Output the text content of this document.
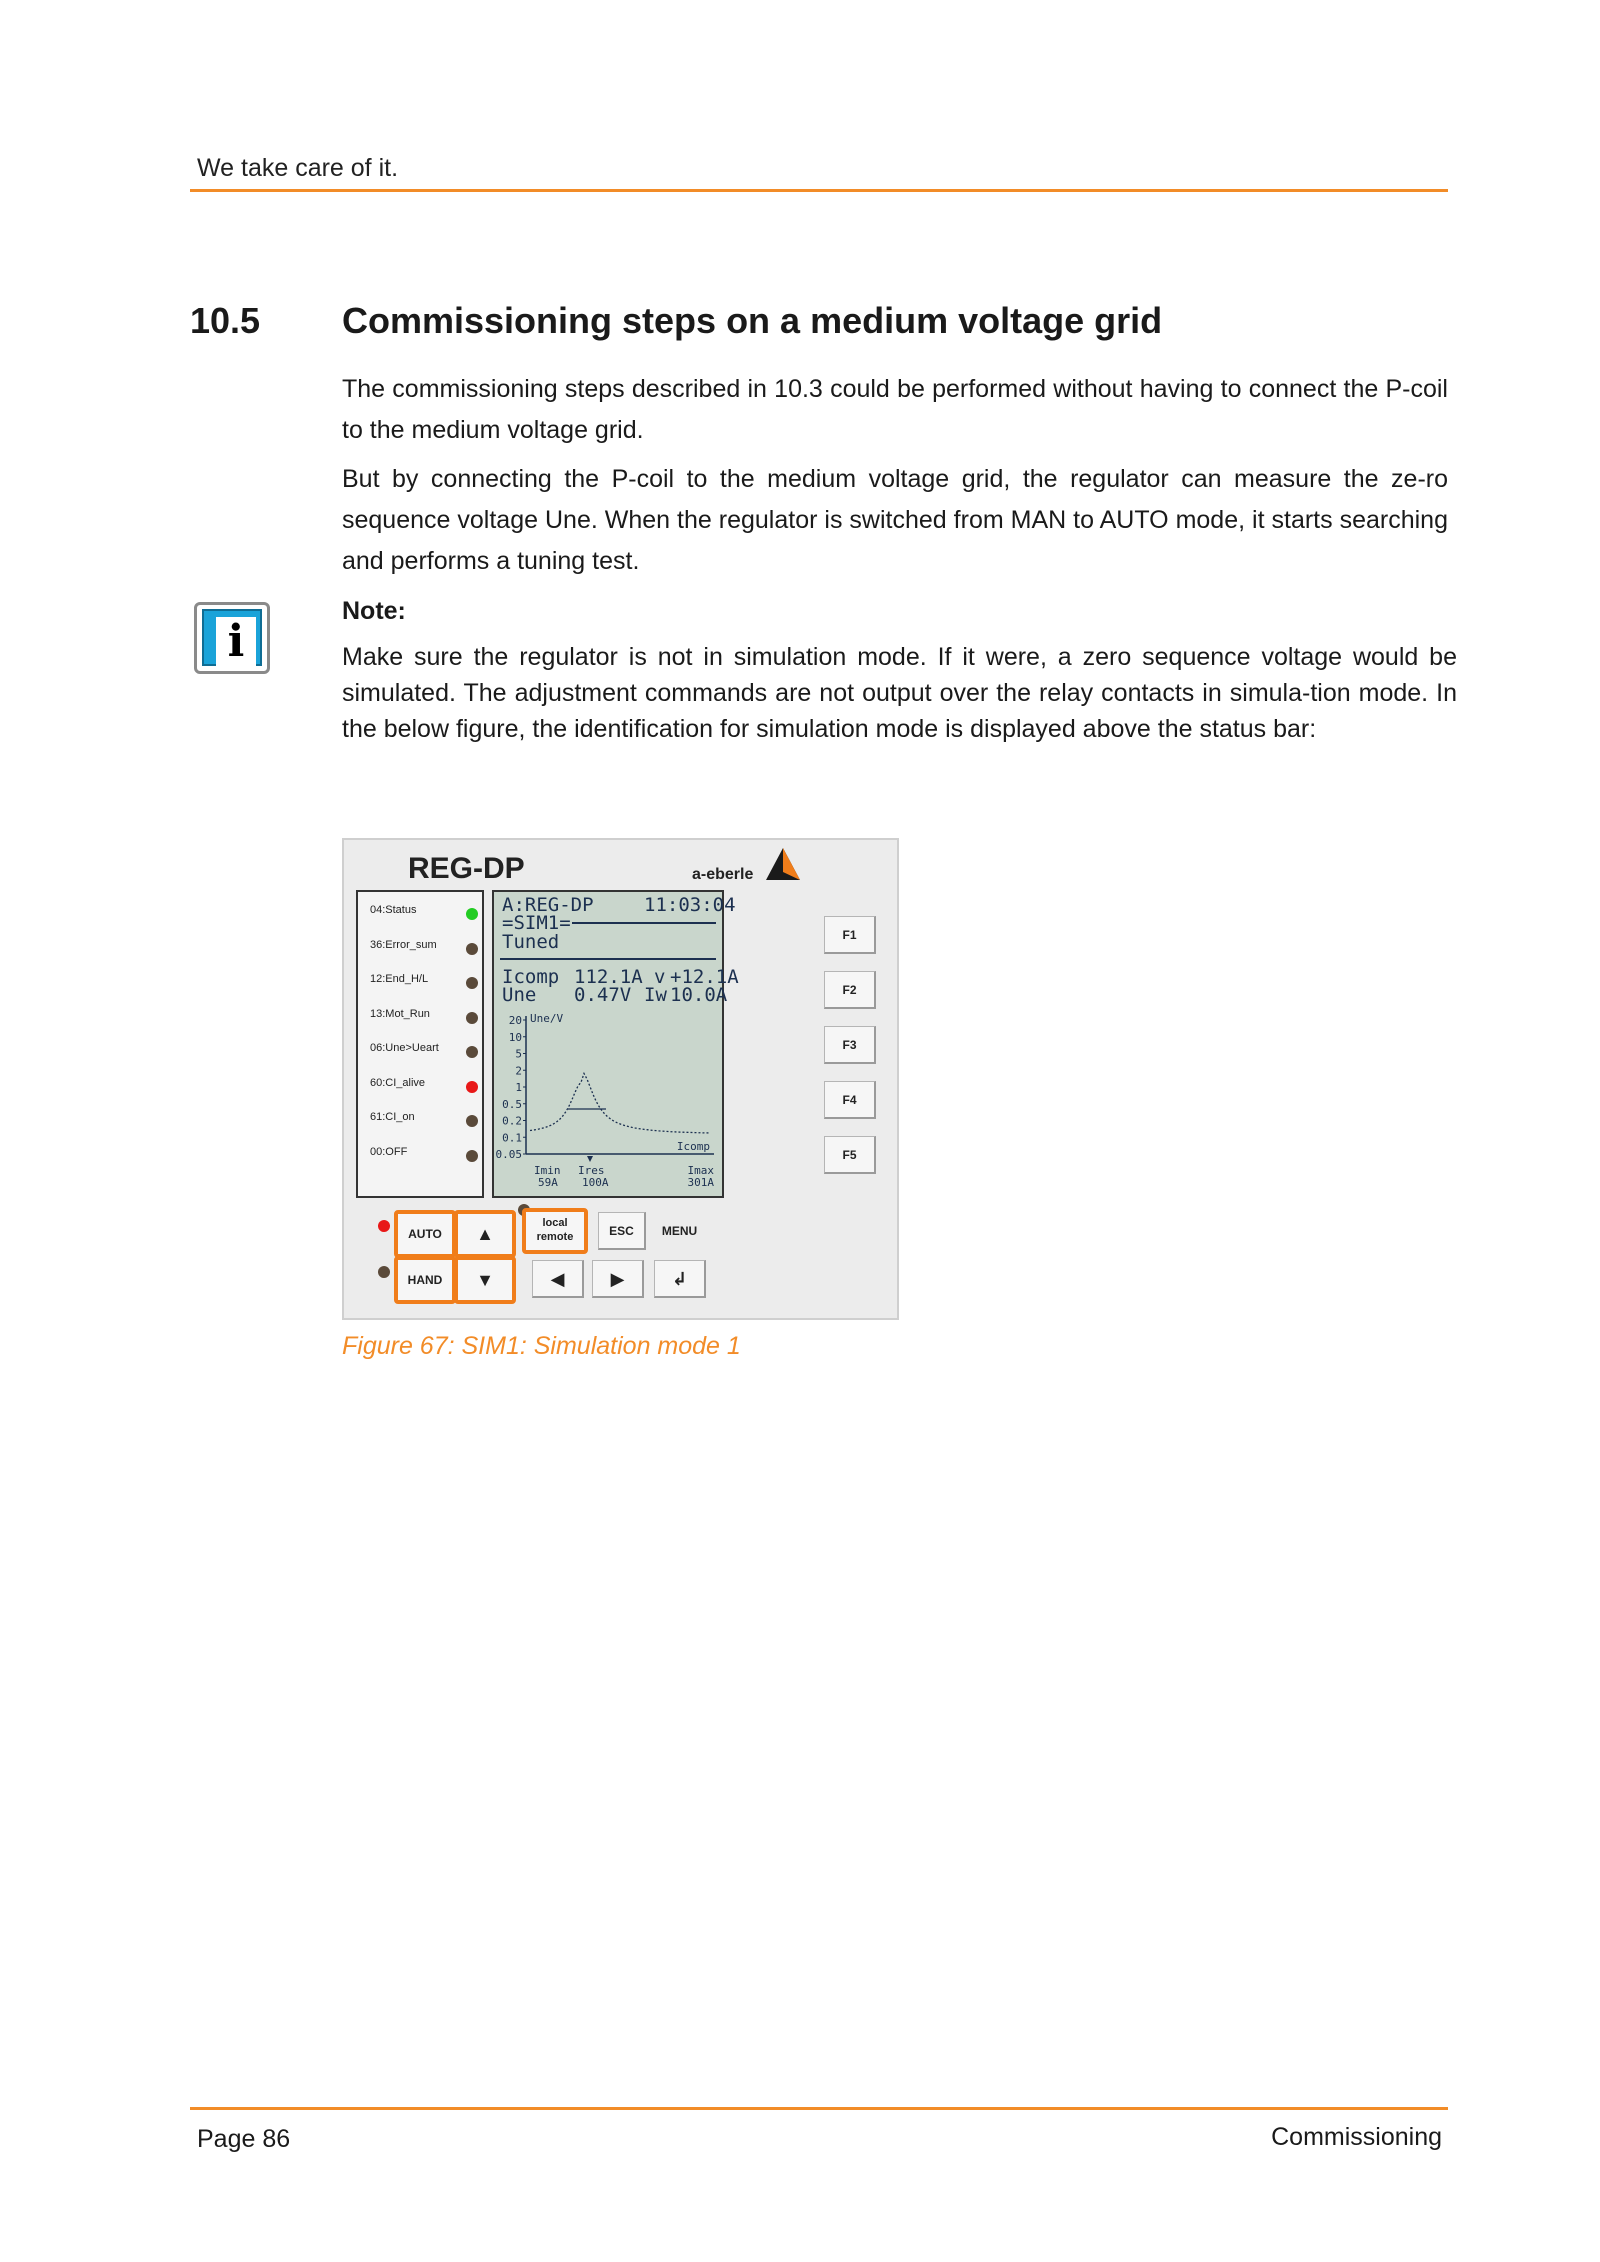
We take care of it.
10.5 Commissioning steps on a medium voltage grid

The commissioning steps described in 10.3 could be performed without having to connect the P-coil to the medium voltage grid.

But by connecting the P-coil to the medium voltage grid, the regulator can measure the ze-ro sequence voltage Une. When the regulator is switched from MAN to AUTO mode, it starts searching and performs a tuning test.

i
Note:

Make sure the regulator is not in simulation mode. If it were, a zero sequence voltage would be simulated. The adjustment commands are not output over the relay contacts in simula-tion mode. In the below figure, the identification for simulation mode is displayed above the status bar:

REG-DP	a-eberle
04:Status
36:Error_sum
12:End_H/L
13:Mot_Run
06:Une>Ueart
60:CI_alive
61:CI_on
00:OFF
A:REG-DP	11:03:04
=SIM1=
Tuned
Icomp 112.1A v +12.1A
Une 0.47V Iw 10.0A
Une/V
20
10
5
2
1
0.5
0.2
0.1
0.05
Icomp
Imin
59A
Ires
100A
Imax
301A
F1
F2
F3
F4
F5
AUTO	▲
HAND	▼
local
remote	ESC	MENU
◀	▶	↲
Figure 67: SIM1: Simulation mode 1
Page 86	Commissioning
